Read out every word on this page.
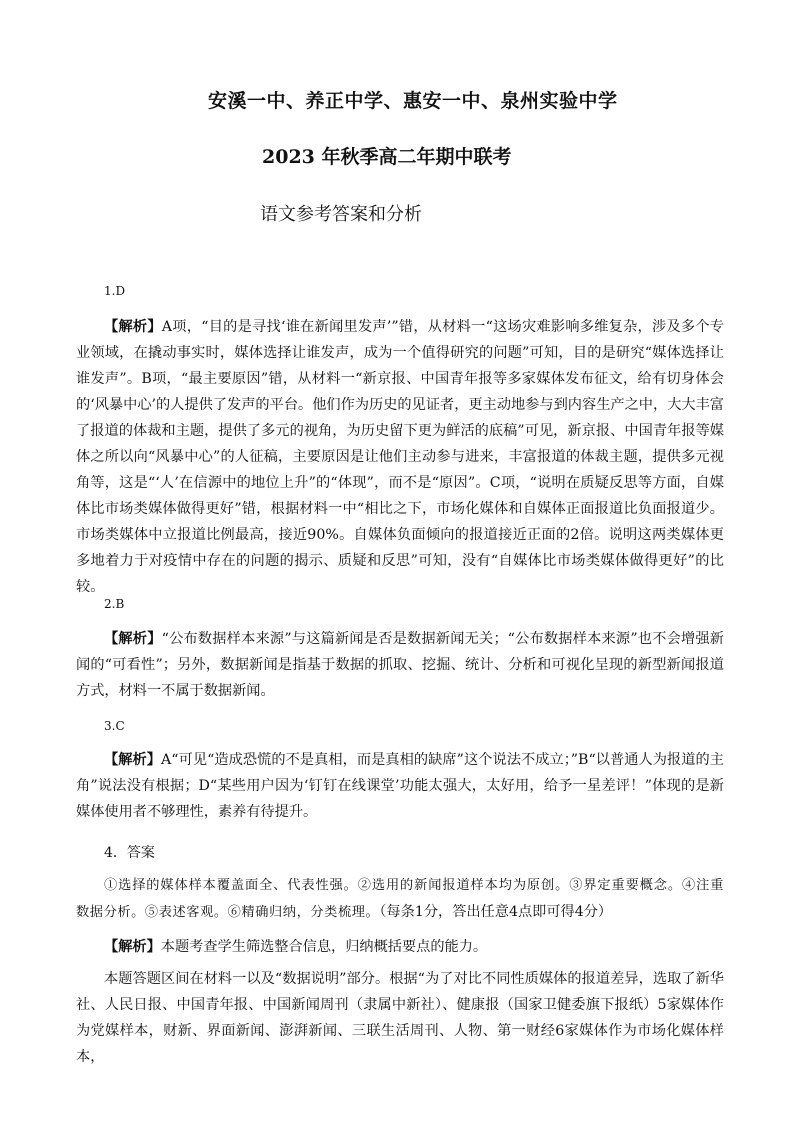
安溪一中、养正中学、惠安一中、泉州实验中学
2023 年秋季高二年期中联考
语文参考答案和分析
1.D
【解析】A项，“目的是寻找‘谁在新闻里发声’”错，从材料一“这场灾难影响多维复杂，涉及多个专业领域，在撬动事实时，媒体选择让谁发声，成为一个值得研究的问题”可知，目的是研究“媒体选择让谁发声”。B项，“最主要原因”错，从材料一“新京报、中国青年报等多家媒体发布征文，给有切身体会的‘风暴中心’的人提供了发声的平台。他们作为历史的见证者，更主动地参与到内容生产之中，大大丰富了报道的体裁和主题，提供了多元的视角，为历史留下更为鲜活的底稿”可见，新京报、中国青年报等媒体之所以向“风暴中心”的人征稿，主要原因是让他们主动参与进来，丰富报道的体裁主题，提供多元视角等，这是“‘人’在信源中的地位上升”的“体现”，而不是“原因”。C项，“说明在质疑反思等方面，自媒体比市场类媒体做得更好”错，根据材料一中“相比之下，市场化媒体和自媒体正面报道比负面报道少。市场类媒体中立报道比例最高，接近90%。自媒体负面倾向的报道接近正面的2倍。说明这两类媒体更多地着力于对疫情中存在的问题的揭示、质疑和反思”可知，没有“自媒体比市场类媒体做得更好”的比较。
2.B
【解析】“公布数据样本来源”与这篇新闻是否是数据新闻无关；“公布数据样本来源”也不会增强新闻的“可看性”；另外，数据新闻是指基于数据的抓取、挖掘、统计、分析和可视化呈现的新型新闻报道方式，材料一不属于数据新闻。
3.C
【解析】A“可见“造成恐慌的不是真相，而是真相的缺席”这个说法不成立；”B“以普通人为报道的主角”说法没有根据；D“某些用户因为‘钉钉在线课堂’功能太强大，太好用，给予一星差评！”体现的是新媒体使用者不够理性，素养有待提升。
4．答案
①选择的媒体样本覆盖面全、代表性强。②选用的新闻报道样本均为原创。③界定重要概念。④注重数据分析。⑤表述客观。⑥精确归纳，分类梳理。（每条1分，答出任意4点即可得4分）
【解析】本题考查学生筛选整合信息，归纳概括要点的能力。
本题答题区间在材料一以及“数据说明”部分。根据“为了对比不同性质媒体的报道差异，选取了新华社、人民日报、中国青年报、中国新闻周刊（隶属中新社）、健康报（国家卫健委旗下报纸）5家媒体作为党媒样本，财新、界面新闻、澎湃新闻、三联生活周刊、人物、第一财经6家媒体作为市场化媒体样本，
